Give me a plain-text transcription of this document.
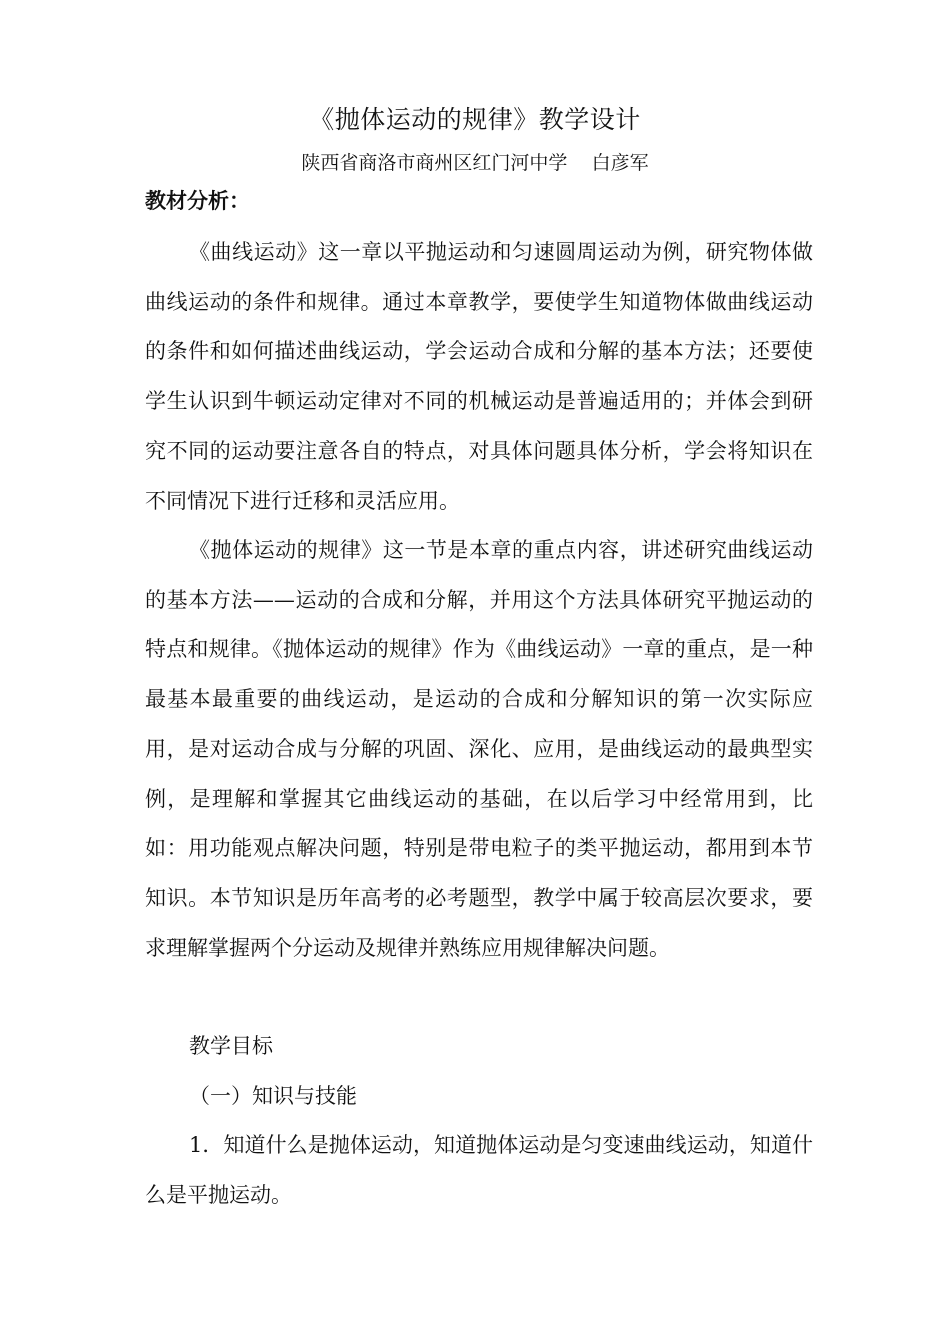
《抛体运动的规律》教学设计
陕西省商洛市商州区红门河中学    白彦军
教材分析：

《曲线运动》这一章以平抛运动和匀速圆周运动为例，研究物体做曲线运动的条件和规律。通过本章教学，要使学生知道物体做曲线运动的条件和如何描述曲线运动，学会运动合成和分解的基本方法；还要使学生认识到牛顿运动定律对不同的机械运动是普遍适用的；并体会到研究不同的运动要注意各自的特点，对具体问题具体分析，学会将知识在不同情况下进行迁移和灵活应用。

《抛体运动的规律》这一节是本章的重点内容，讲述研究曲线运动的基本方法——运动的合成和分解，并用这个方法具体研究平抛运动的特点和规律。《抛体运动的规律》作为《曲线运动》一章的重点，是一种最基本最重要的曲线运动，是运动的合成和分解知识的第一次实际应用，是对运动合成与分解的巩固、深化、应用，是曲线运动的最典型实例，是理解和掌握其它曲线运动的基础，在以后学习中经常用到，比如：用功能观点解决问题，特别是带电粒子的类平抛运动，都用到本节知识。本节知识是历年高考的必考题型，教学中属于较高层次要求，要求理解掌握两个分运动及规律并熟练应用规律解决问题。

教学目标

（一）知识与技能

1．知道什么是抛体运动，知道抛体运动是匀变速曲线运动，知道什么是平抛运动。
